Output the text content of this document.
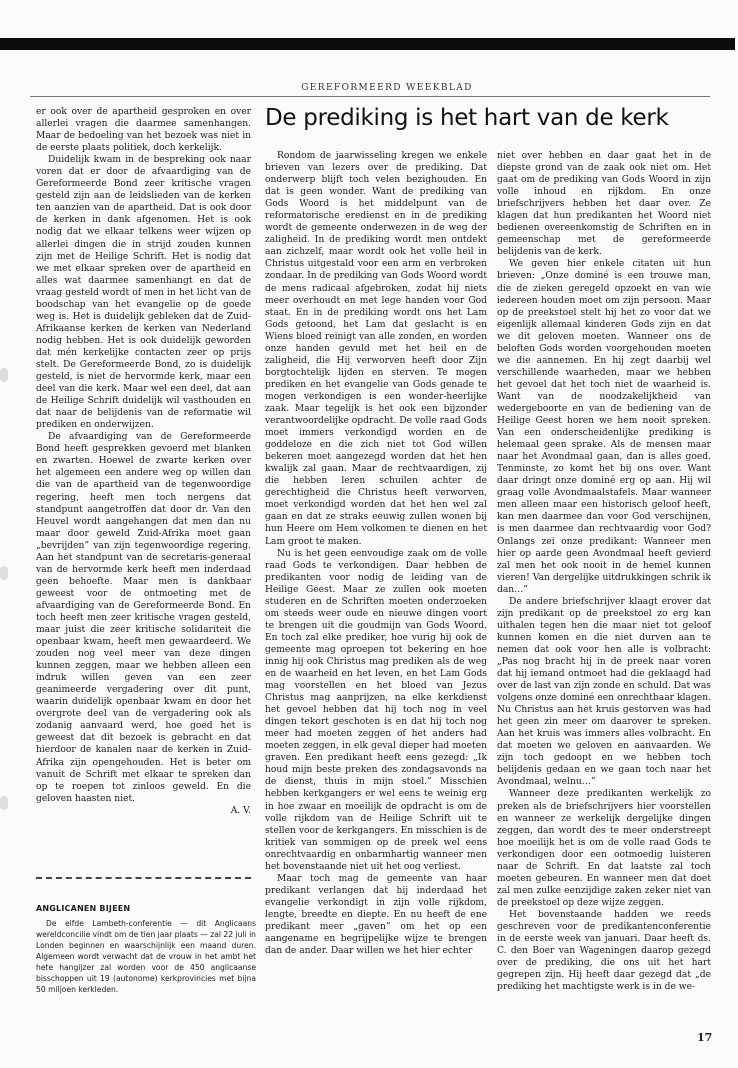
GEREFORMEERD WEEKBLAD
De prediking is het hart van de kerk

er ook over de apartheid gesproken en over allerlei vragen die daarmee samenhangen. Maar de bedoeling van het bezoek was niet in de eerste plaats politiek, doch kerkelijk.

Duidelijk kwam in de bespreking ook naar voren dat er door de afvaardiging van de Gereformeerde Bond zeer kritische vragen gesteld zijn aan de leidslieden van de kerken ten aanzien van de apartheid. Dat is ook door de kerken in dank afgenomen. Het is ook nodig dat we elkaar telkens weer wijzen op allerlei dingen die in strijd zouden kunnen zijn met de Heilige Schrift. Het is nodig dat we met elkaar spreken over de apartheid en alles wat daarmee samenhangt en dat de vraag gesteld wordt of men in het licht van de boodschap van het evangelie op de goede weg is. Het is duidelijk gebleken dat de Zuid-Afrikaanse kerken de kerken van Nederland nodig hebben. Het is ook duidelijk geworden dat mén kerkelijke contacten zeer op prijs stelt. De Gereformeerde Bond, zo is duidelijk gesteld, is niet de hervormde kerk, maar een deel van die kerk. Maar wel een deel, dat aan de Heilige Schrift duidelijk wil vasthouden en dat naar de belijdenis van de reformatie wil prediken en onderwijzen.

De afvaardiging van de Gereformeerde Bond heeft gesprekken gevoerd met blanken en zwarten. Hoewel de zwarte kerken over het algemeen een andere weg op willen dan die van de apartheid van de tegenwoordige regering, heeft men toch nergens dat standpunt aangetroffen dat door dr. Van den Heuvel wordt aangehangen dat men dan nu maar door geweld Zuid-Afrika moet gaan „bevrijden” van zijn tegenwoordige regering. Aan het standpunt van de secretaris-generaal van de hervormde kerk heeft men inderdaad geen behoefte. Maar men is dankbaar geweest voor de ontmoeting met de afvaardiging van de Gereformeerde Bond. En toch heeft men zeer kritische vragen gesteld, maar juist die zeer kritische solidariteit die openbaar kwam, heeft men gewaardeerd. We zouden nog veel meer van deze dingen kunnen zeggen, maar we hebben alleen een indruk willen geven van een zeer geanimeerde vergadering over dit punt, waarin duidelijk openbaar kwam en door het overgrote deel van de vergadering ook als zodanig aanvaard werd, hoe goed het is geweest dat dit bezoek is gebracht en dat hierdoor de kanalen naar de kerken in Zuid-Afrika zijn opengehouden. Het is beter om vanuit de Schrift met elkaar te spreken dan op te roepen tot zinloos geweld. En die geloven haasten niet.

A. V.
ANGLICANEN BIJEEN

De elfde Lambeth-conferentie — dit Anglicaans wereldconcilie vindt om de tien jaar plaats — zal 22 juli in Londen beginnen en waarschijnlijk een maand duren. Algemeen wordt verwacht dat de vrouw in het ambt het hete hangijzer zal worden voor de 450 anglicaanse bisschoppen uit 19 (autonome) kerkprovincies met bijna 50 miljoen kerkleden.

Rondom de jaarwisseling kregen we enkele brieven van lezers over de prediking. Dat onderwerp blijft toch velen bezighouden. En dat is geen wonder. Want de prediking van Gods Woord is het middelpunt van de reformatorische eredienst en in de prediking wordt de gemeente onderwezen in de weg der zaligheid. In de prediking wordt men ontdekt aan zichzelf, maar wordt ook het volle heil in Christus uitgestald voor een arm en verbroken zondaar. In de prediking van Gods Woord wordt de mens radicaal afgebroken, zodat hij niets meer overhoudt en met lege handen voor God staat. En in de prediking wordt ons het Lam Gods getoond, het Lam dat geslacht is en Wiens bloed reinigt van alle zonden, en worden onze handen gevuld met het heil en de zaligheid, die Hij verworven heeft door Zijn borgtochtelijk lijden en sterven. Te mogen prediken en het evangelie van Gods genade te mogen verkondigen is een wonder-heerlijke zaak. Maar tegelijk is het ook een bijzonder verantwoordelijke opdracht. De volle raad Gods moet immers verkondigd worden en de goddeloze en die zich niet tot God willen bekeren moet aangezegd worden dat het hen kwalijk zal gaan. Maar de rechtvaardigen, zij die hebben leren schuilen achter de gerechtigheid die Christus heeft verworven, moet verkondigd worden dat het hen wel zal gaan en dat ze straks eeuwig zullen wonen bij hun Heere om Hem volkomen te dienen en het Lam groot te maken.

Nu is het geen eenvoudige zaak om de volle raad Gods te verkondigen. Daar hebben de predikanten voor nodig de leiding van de Heilige Geest. Maar ze zullen ook moeten studeren en de Schriften moeten onderzoeken om steeds weer oude en nieuwe dingen voort te brengen uit die goudmijn van Gods Woord. En toch zal elke prediker, hoe vurig hij ook de gemeente mag oproepen tot bekering en hoe innig hij ook Christus mag prediken als de weg en de waarheid en het leven, en het Lam Gods mag voorstellen en het bloed van Jezus Christus mag aanprijzen, na elke kerkdienst het gevoel hebben dat hij toch nog in veel dingen tekort geschoten is en dat hij toch nog meer had moeten zeggen of het anders had moeten zeggen, in elk geval dieper had moeten graven. Een predikant heeft eens gezegd: „Ik houd mijn beste preken des zondagsavonds na de dienst, thuis in mijn stoel.” Misschien hebben kerkgangers er wel eens te weinig erg in hoe zwaar en moeilijk de opdracht is om de volle rijkdom van de Heilige Schrift uit te stellen voor de kerkgangers. En misschien is de kritiek van sommigen op de preek wel eens onrechtvaardig en onbarmhartig wanneer men het bovenstaande niet uit het oog verliest.

Maar toch mag de gemeente van haar predikant verlangen dat hij inderdaad het evangelie verkondigt in zijn volle rijkdom, lengte, breedte en diepte. En nu heeft de ene predikant meer „gaven” om het op een aangename en begrijpelijke wijze te brengen dan de ander. Daar willen we het hier echter

niet over hebben en daar gaat het in de diepste grond van de zaak ook niet om. Het gaat om de prediking van Gods Woord in zijn volle inhoud en rijkdom. En onze briefschrijvers hebben het daar over. Ze klagen dat hun predikanten het Woord niet bedienen overeenkomstig de Schriften en in gemeenschap met de gereformeerde belijdenis van de kerk.

We geven hier enkele citaten uit hun brieven: „Onze dominé is een trouwe man, die de zieken geregeld opzoekt en van wie iedereen houden moet om zijn persoon. Maar op de preekstoel stelt hij het zo voor dat we eigenlijk allemaal kinderen Gods zijn en dat we dit geloven moeten. Wanneer ons de beloften Gods worden voorgehouden moeten we die aannemen. En hij zegt daarbij wel verschillende waarheden, maar we hebben het gevoel dat het toch niet de waarheid is. Want van de noodzakelijkheid van wedergeboorte en van de bediening van de Heilige Geest horen we hem nooit spreken. Van een onderscheidenlijke prediking is helemaal geen sprake. Als de mensen maar naar het Avondmaal gaan, dan is alles goed. Tenminste, zo komt het bij ons over. Want daar dringt onze dominé erg op aan. Hij wil graag volle Avondmaalstafels. Maar wanneer men alleen maar een historisch geloof heeft, kan men daarmee dan voor God verschijnen, is men daarmee dan rechtvaardig voor God? Onlangs zei onze predikant: Wanneer men hier op aarde geen Avondmaal heeft gevierd zal men het ook nooit in de hemel kunnen vieren! Van dergelijke uitdrukkingen schrik ik dan…”

De andere briefschrijver klaagt erover dat zijn predikant op de preekstoel zo erg kan uithalen tegen hen die maar niet tot geloof kunnen komen en die niet durven aan te nemen dat ook voor hen alle is volbracht: „Pas nog bracht hij in de preek naar voren dat hij iemand ontmoet had die geklaagd had over de last van zijn zonde en schuld. Dat was volgens onze dominé een onrechtbaar klagen. Nu Christus aan het kruis gestorven was had het geen zin meer om daarover te spreken. Aan het kruis was immers alles volbracht. En dat moeten we geloven en aanvaarden. We zijn toch gedoopt en we hebben toch belijdenis gedaan en we gaan toch naar het Avondmaal, welnu…”

Wanneer deze predikanten werkelijk zo preken als de briefschrijvers hier voorstellen en wanneer ze werkelijk dergelijke dingen zeggen, dan wordt des te meer onderstreept hoe moeilijk het is om de volle raad Gods te verkondigen door een ootmoedig luisteren naar de Schrift. En dat laatste zal toch moeten gebeuren. En wanneer men dat doet zal men zulke eenzijdige zaken zeker niet van de preekstoel op deze wijze zeggen.

Het bovenstaande hadden we reeds geschreven voor de predikantenconferentie in de eerste week van januari. Daar heeft ds. C. den Boer van Wageningen daarop gezegd over de prediking, die ons uit het hart gegrepen zijn. Hij heeft daar gezegd dat „de prediking het machtigste werk is in de we-

17
